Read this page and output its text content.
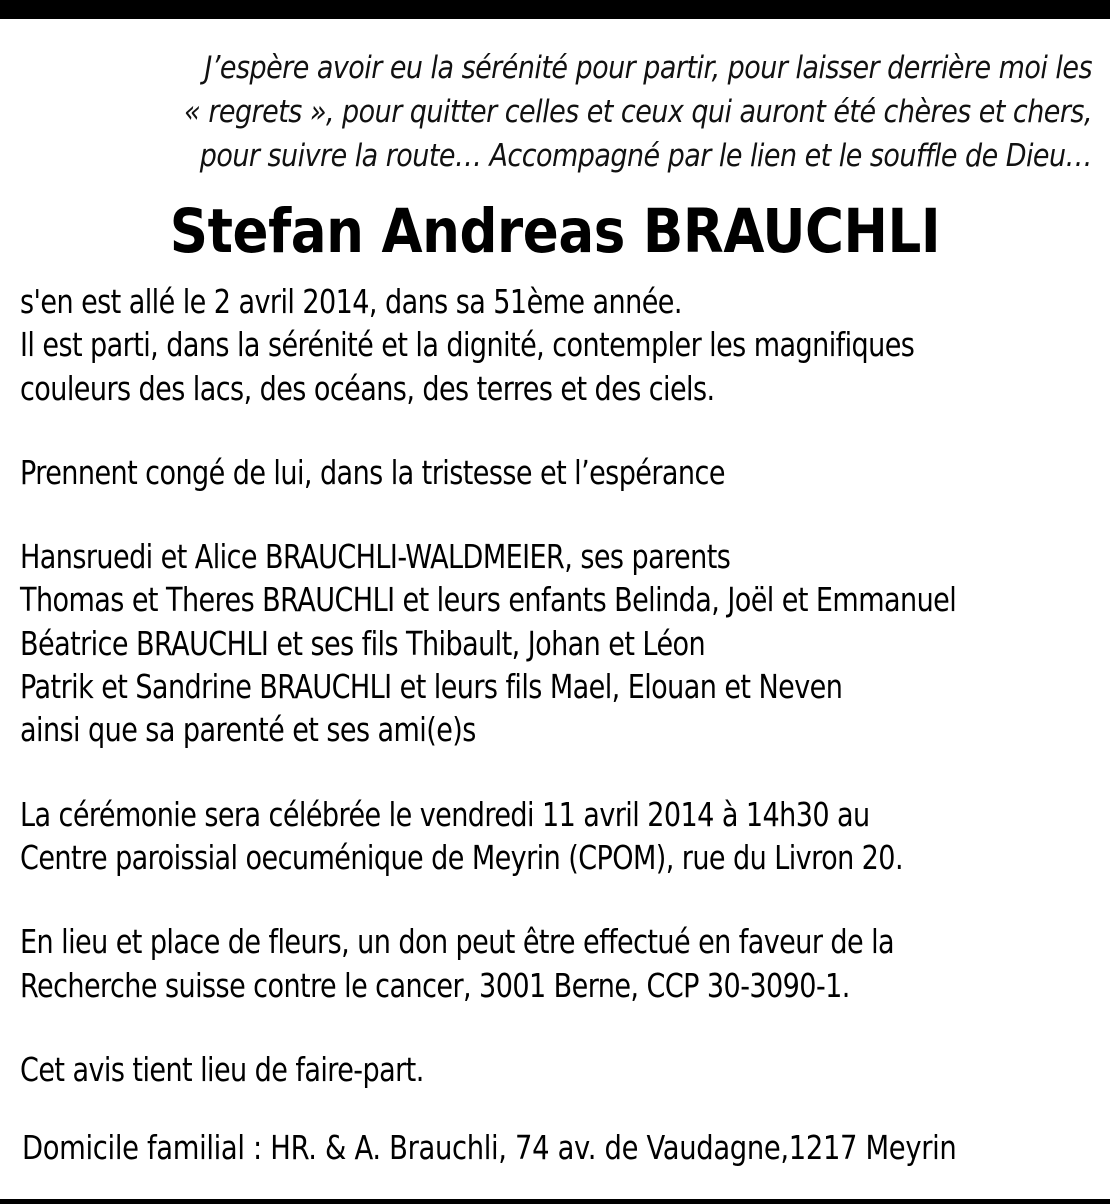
J’espère avoir eu la sérénité pour partir, pour laisser derrière moi les
« regrets », pour quitter celles et ceux qui auront été chères et chers,
pour suivre la route… Accompagné par le lien et le souffle de Dieu…
Stefan Andreas BRAUCHLI
s'en est allé le 2 avril 2014, dans sa 51ème année.
Il est parti, dans la sérénité et la dignité, contempler les magnifiques
couleurs des lacs, des océans, des terres et des ciels.
Prennent congé de lui, dans la tristesse et l’espérance
Hansruedi et Alice BRAUCHLI-WALDMEIER, ses parents
Thomas et Theres BRAUCHLI et leurs enfants Belinda, Joël et Emmanuel
Béatrice BRAUCHLI et ses fils Thibault, Johan et Léon
Patrik et Sandrine BRAUCHLI et leurs fils Mael, Elouan et Neven
ainsi que sa parenté et ses ami(e)s
La cérémonie sera célébrée le vendredi 11 avril 2014 à 14h30 au
Centre paroissial oecuménique de Meyrin (CPOM), rue du Livron 20.
En lieu et place de fleurs, un don peut être effectué en faveur de la
Recherche suisse contre le cancer, 3001 Berne, CCP 30-3090-1.
Cet avis tient lieu de faire-part.
Domicile familial : HR. & A. Brauchli, 74 av. de Vaudagne,1217 Meyrin
